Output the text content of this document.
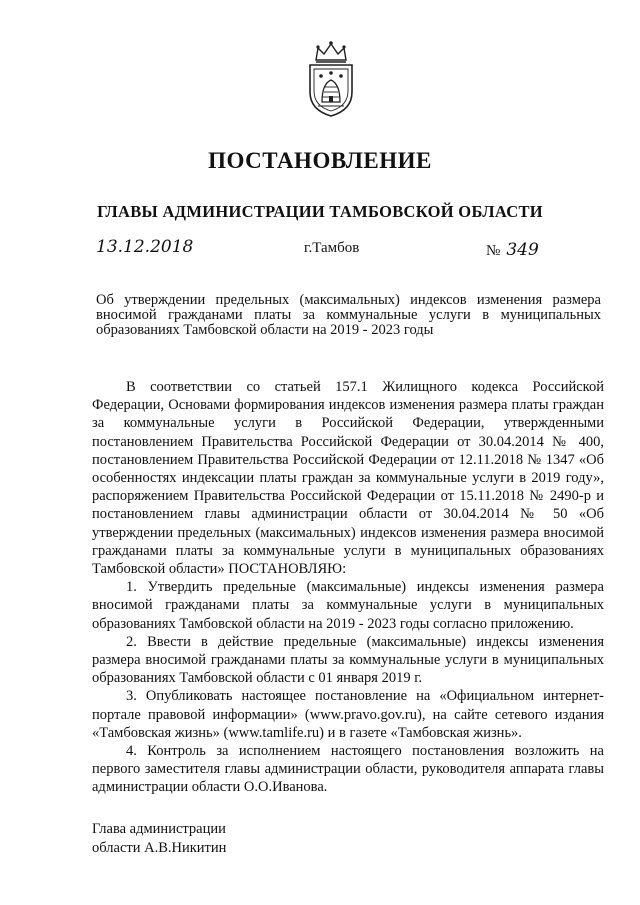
ПОСТАНОВЛЕНИЕ
ГЛАВЫ АДМИНИСТРАЦИИ ТАМБОВСКОЙ ОБЛАСТИ
13.12.2018	г.Тамбов	№ 349
Об утверждении предельных (максимальных) индексов изменения размера вносимой гражданами платы за коммунальные услуги в муниципальных образованиях Тамбовской области на 2019 - 2023 годы

В соответствии со статьей 157.1 Жилищного кодекса Российской Федерации, Основами формирования индексов изменения размера платы граждан за коммунальные услуги в Российской Федерации, утвержденными постановлением Правительства Российской Федерации от 30.04.2014 № 400, постановлением Правительства Российской Федерации от 12.11.2018 № 1347 «Об особенностях индексации платы граждан за коммунальные услуги в 2019 году», распоряжением Правительства Российской Федерации от 15.11.2018 № 2490-р и постановлением главы администрации области от 30.04.2014 № 50 «Об утверждении предельных (максимальных) индексов изменения размера вносимой гражданами платы за коммунальные услуги в муниципальных образованиях Тамбовской области» ПОСТАНОВЛЯЮ:

1. Утвердить предельные (максимальные) индексы изменения размера вносимой гражданами платы за коммунальные услуги в муниципальных образованиях Тамбовской области на 2019 - 2023 годы согласно приложению.

2. Ввести в действие предельные (максимальные) индексы изменения размера вносимой гражданами платы за коммунальные услуги в муниципальных образованиях Тамбовской области с 01 января 2019 г.

3. Опубликовать настоящее постановление на «Официальном интернет-портале правовой информации» (www.pravo.gov.ru), на сайте сетевого издания «Тамбовская жизнь» (www.tamlife.ru) и в газете «Тамбовская жизнь».

4. Контроль за исполнением настоящего постановления возложить на первого заместителя главы администрации области, руководителя аппарата главы администрации области О.О.Иванова.

Глава администрации
области А.В.Никитин
